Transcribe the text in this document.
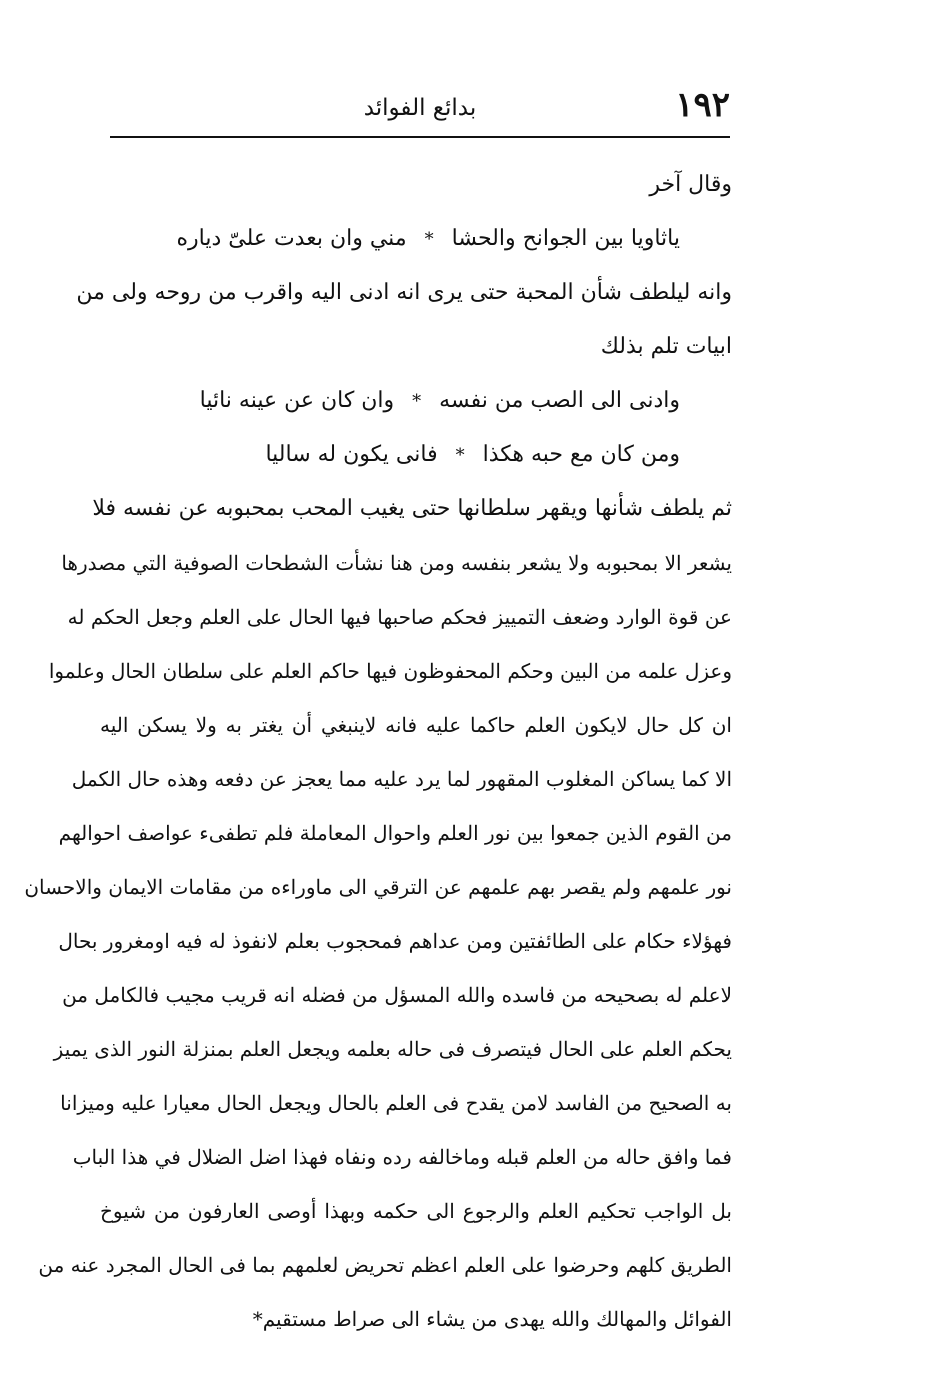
١٩٢
بدائع الفوائد
وقال آخر
ياثاويا بين الجوانح والحشا*مني وان بعدت علىّ دياره
وانه ليلطف شأن المحبة حتى يرى انه ادنى اليه واقرب من روحه ولى من
ابيات تلم بذلك
وادنى الى الصب من نفسه*وان كان عن عينه نائيا
ومن كان مع حبه هكذا*فانى يكون له ساليا
ثم يلطف شأنها ويقهر سلطانها حتى يغيب المحب بمحبوبه عن نفسه فلا
يشعر الا بمحبوبه ولا يشعر بنفسه ومن هنا نشأت الشطحات الصوفية التي مصدرها
عن قوة الوارد وضعف التمييز فحكم صاحبها فيها الحال على العلم وجعل الحكم له
وعزل علمه من البين وحكم المحفوظون فيها حاكم العلم على سلطان الحال وعلموا
ان كل حال لايكون العلم حاكما عليه فانه لاينبغي أن يغتر به ولا يسكن اليه
الا كما يساكن المغلوب المقهور لما يرد عليه مما يعجز عن دفعه وهذه حال الكمل
من القوم الذين جمعوا بين نور العلم واحوال المعاملة فلم تطفىء عواصف احوالهم
نور علمهم ولم يقصر بهم علمهم عن الترقي الى ماوراءه من مقامات الايمان والاحسان
فهؤلاء حكام على الطائفتين ومن عداهم فمحجوب بعلم لانفوذ له فيه اومغرور بحال
لاعلم له بصحيحه من فاسده والله المسؤل من فضله انه قريب مجيب فالكامل من
يحكم العلم على الحال فيتصرف فى حاله بعلمه ويجعل العلم بمنزلة النور الذى يميز
به الصحيح من الفاسد لامن يقدح فى العلم بالحال ويجعل الحال معيارا عليه وميزانا
فما وافق حاله من العلم قبله وماخالفه رده ونفاه فهذا اضل الضلال في هذا الباب
بل الواجب تحكيم العلم والرجوع الى حكمه وبهذا أوصى العارفون من شيوخ
الطريق كلهم وحرضوا على العلم اعظم تحريض لعلمهم بما فى الحال المجرد عنه من
الفوائل والمهالك والله يهدى من يشاء الى صراط مستقيم*
